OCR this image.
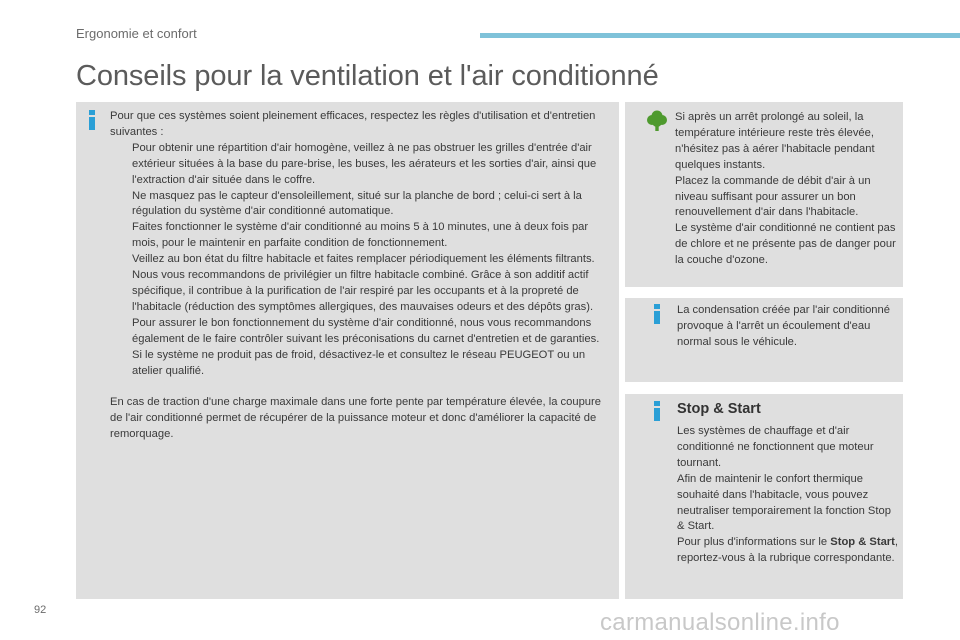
Ergonomie et confort
Conseils pour la ventilation et l'air conditionné

Pour que ces systèmes soient pleinement efficaces, respectez les règles d'utilisation et d'entretien suivantes :

Pour obtenir une répartition d'air homogène, veillez à ne pas obstruer les grilles d'entrée d'air extérieur situées à la base du pare-brise, les buses, les aérateurs et les sorties d'air, ainsi que l'extraction d'air située dans le coffre.
Ne masquez pas le capteur d'ensoleillement, situé sur la planche de bord ; celui-ci sert à la régulation du système d'air conditionné automatique.
Faites fonctionner le système d'air conditionné au moins 5 à 10 minutes, une à deux fois par mois, pour le maintenir en parfaite condition de fonctionnement.
Veillez au bon état du filtre habitacle et faites remplacer périodiquement les éléments filtrants.
Nous vous recommandons de privilégier un filtre habitacle combiné. Grâce à son additif actif spécifique, il contribue à la purification de l'air respiré par les occupants et à la propreté de l'habitacle (réduction des symptômes allergiques, des mauvaises odeurs et des dépôts gras).
Pour assurer le bon fonctionnement du système d'air conditionné, nous vous recommandons également de le faire contrôler suivant les préconisations du carnet d'entretien et de garanties.
Si le système ne produit pas de froid, désactivez-le et consultez le réseau PEUGEOT ou un atelier qualifié.

En cas de traction d'une charge maximale dans une forte pente par température élevée, la coupure de l'air conditionné permet de récupérer de la puissance moteur et donc d'améliorer la capacité de remorquage.

Si après un arrêt prolongé au soleil, la température intérieure reste très élevée, n'hésitez pas à aérer l'habitacle pendant quelques instants.

Placez la commande de débit d'air à un niveau suffisant pour assurer un bon renouvellement d'air dans l'habitacle.

Le système d'air conditionné ne contient pas de chlore et ne présente pas de danger pour la couche d'ozone.

La condensation créée par l'air conditionné provoque à l'arrêt un écoulement d'eau normal sous le véhicule.

Stop & Start

Les systèmes de chauffage et d'air conditionné ne fonctionnent que moteur tournant.

Afin de maintenir le confort thermique souhaité dans l'habitacle, vous pouvez neutraliser temporairement la fonction Stop & Start.

Pour plus d'informations sur le Stop & Start, reportez-vous à la rubrique correspondante.

92	carmanualsonline.info
